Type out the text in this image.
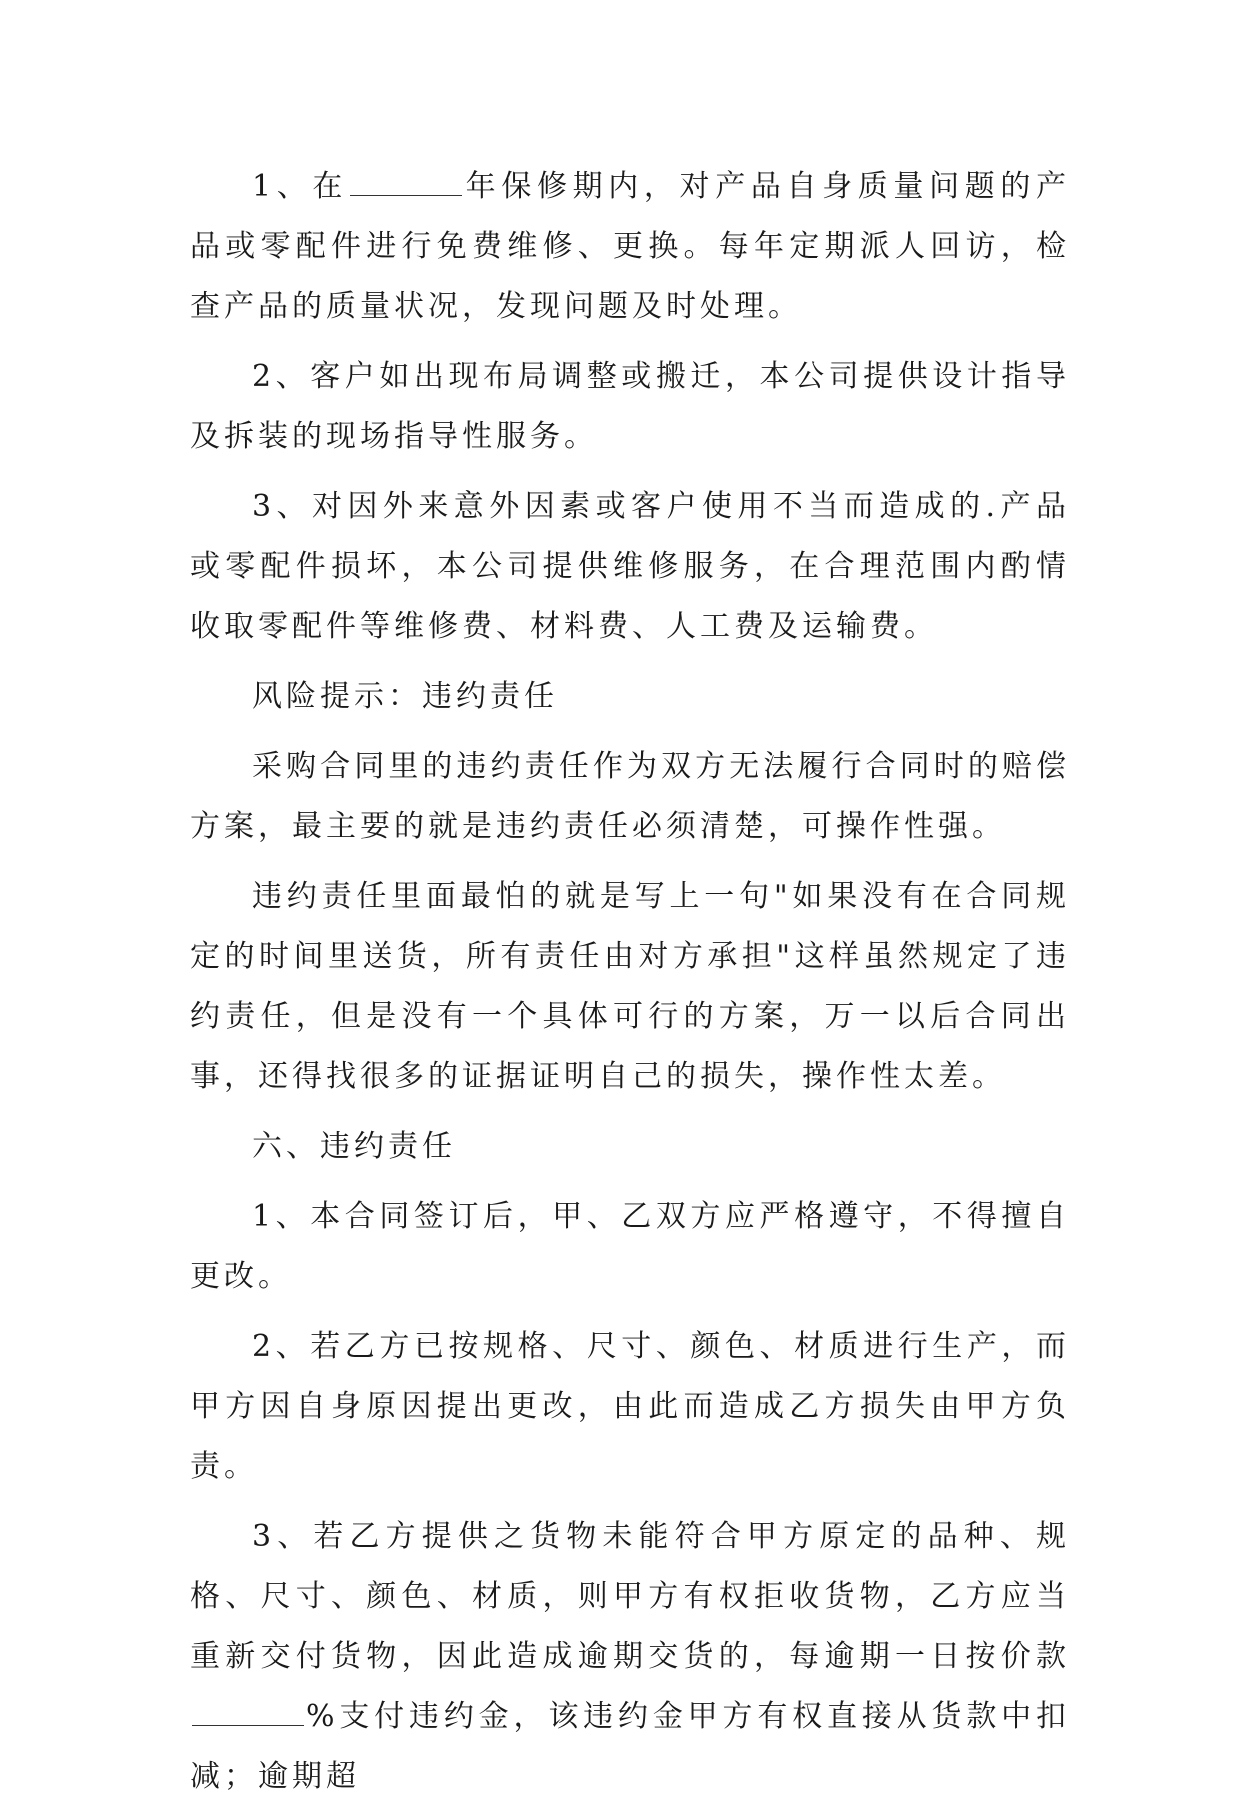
1、在	年保修期内，对产品自身质量问题的产品或零配件进行免费维修、更换。每年定期派人回访，检查产品的质量状况，发现问题及时处理。

2、客户如出现布局调整或搬迁，本公司提供设计指导及拆装的现场指导性服务。

3、对因外来意外因素或客户使用不当而造成的.产品或零配件损坏，本公司提供维修服务，在合理范围内酌情收取零配件等维修费、材料费、人工费及运输费。

风险提示：违约责任

采购合同里的违约责任作为双方无法履行合同时的赔偿方案，最主要的就是违约责任必须清楚，可操作性强。

违约责任里面最怕的就是写上一句"如果没有在合同规定的时间里送货，所有责任由对方承担"这样虽然规定了违约责任，但是没有一个具体可行的方案，万一以后合同出事，还得找很多的证据证明自己的损失，操作性太差。

六、违约责任

1、本合同签订后，甲、乙双方应严格遵守，不得擅自更改。

2、若乙方已按规格、尺寸、颜色、材质进行生产，而甲方因自身原因提出更改，由此而造成乙方损失由甲方负责。

3、若乙方提供之货物未能符合甲方原定的品种、规格、尺寸、颜色、材质，则甲方有权拒收货物，乙方应当重新交付货物，因此造成逾期交货的，每逾期一日按价款%支付违约金，该违约金甲方有权直接从货款中扣减；逾期超
